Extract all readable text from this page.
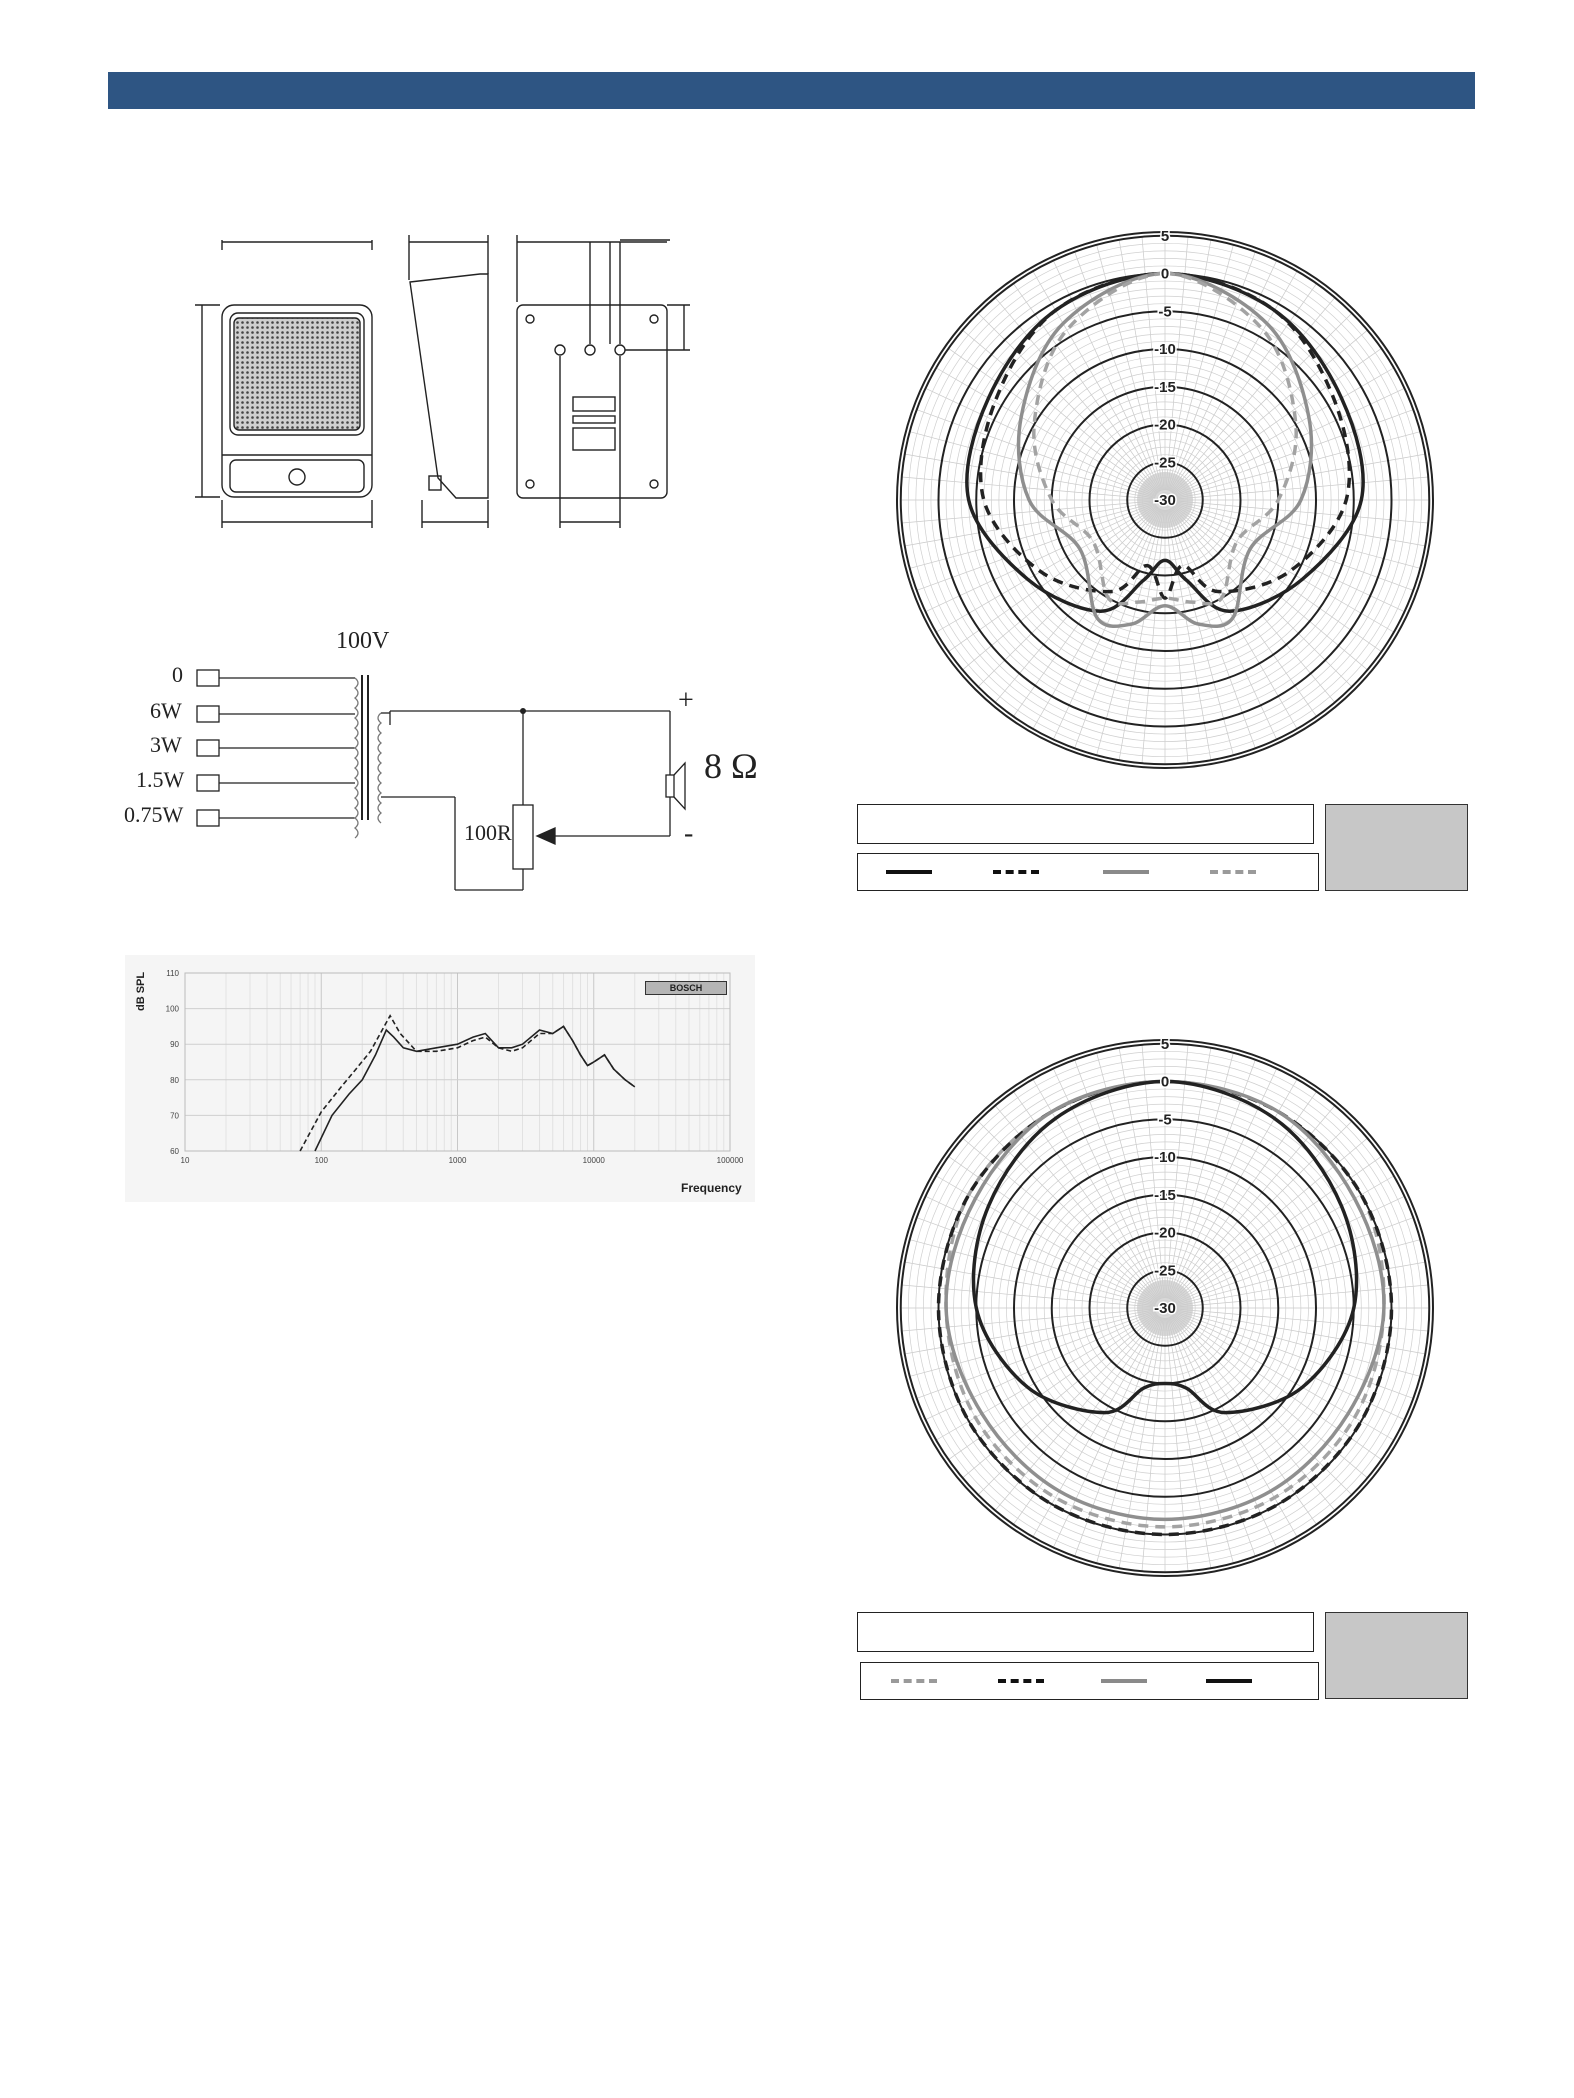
0
6W
3W
1.5W
0.75W
100V
100R
8 Ω
+
-
60
70
80
90
100
110
10	100	1000	10000	100000
BOSCH
dB SPL
Frequency
5
0
-5
-10
-15
-20
-25
-30
5
0
-5
-10
-15
-20
-25
-30
